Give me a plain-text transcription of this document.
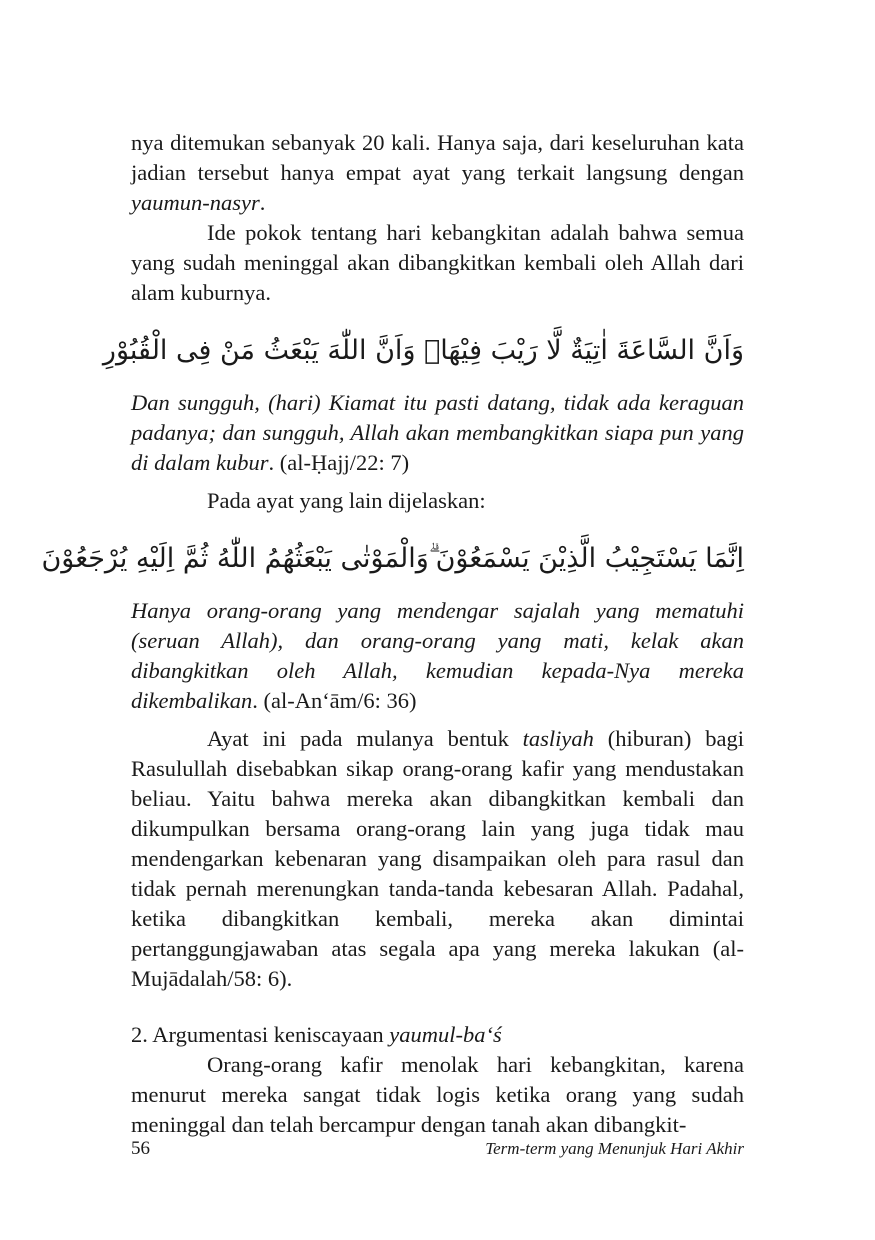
nya ditemukan sebanyak 20 kali. Hanya saja, dari keseluruhan kata jadian tersebut hanya empat ayat yang terkait langsung dengan yaumun-nasyr.

Ide pokok tentang hari kebangkitan adalah bahwa semua yang sudah meninggal akan dibangkitkan kembali oleh Allah dari alam kuburnya.

وَاَنَّ السَّاعَةَ اٰتِيَةٌ لَّا رَيْبَ فِيْهَاۙ وَاَنَّ اللّٰهَ يَبْعَثُ مَنْ فِى الْقُبُوْرِ

Dan sungguh, (hari) Kiamat itu pasti datang, tidak ada keraguan padanya; dan sungguh, Allah akan membangkitkan siapa pun yang di dalam kubur. (al-Ḥajj/22: 7)

Pada ayat yang lain dijelaskan:

اِنَّمَا يَسْتَجِيْبُ الَّذِيْنَ يَسْمَعُوْنَ ۗوَالْمَوْتٰى يَبْعَثُهُمُ اللّٰهُ ثُمَّ اِلَيْهِ يُرْجَعُوْنَ

Hanya orang-orang yang mendengar sajalah yang mematuhi (seruan Allah), dan orang-orang yang mati, kelak akan dibangkitkan oleh Allah, kemudian kepada-Nya mereka dikembalikan. (al-An‘ām/6: 36)

Ayat ini pada mulanya bentuk tasliyah (hiburan) bagi Rasulullah disebabkan sikap orang-orang kafir yang mendustakan beliau. Yaitu bahwa mereka akan dibangkitkan kembali dan dikumpulkan bersama orang-orang lain yang juga tidak mau mendengarkan kebenaran yang disampaikan oleh para rasul dan tidak pernah merenungkan tanda-tanda kebesaran Allah. Padahal, ketika dibangkitkan kembali, mereka akan dimintai pertanggungjawaban atas segala apa yang mereka lakukan (al-Mujādalah/58: 6).

2. Argumentasi keniscayaan yaumul-ba‘ś

Orang-orang kafir menolak hari kebangkitan, karena menurut mereka sangat tidak logis ketika orang yang sudah meninggal dan telah bercampur dengan tanah akan dibangkit-

56	Term-term yang Menunjuk Hari Akhir
